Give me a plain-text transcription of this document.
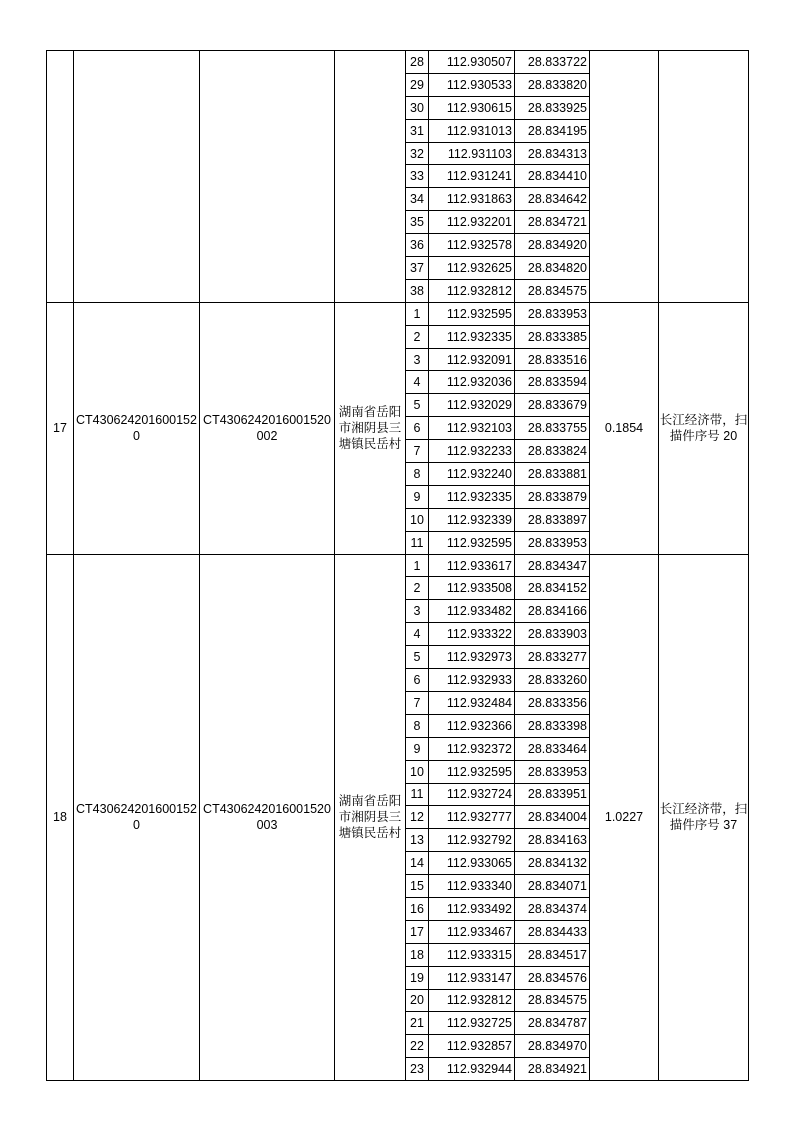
				28	112.930507	28.833722		
				29	112.930533	28.833820		
				30	112.930615	28.833925		
				31	112.931013	28.834195		
				32	112.931103	28.834313		
				33	112.931241	28.834410		
				34	112.931863	28.834642		
				35	112.932201	28.834721		
				36	112.932578	28.834920		
				37	112.932625	28.834820		
				38	112.932812	28.834575		
17	CT4306242016001520	CT4306242016001520002	湖南省岳阳市湘阴县三塘镇民岳村	1	112.932595	28.833953	0.1854	长江经济带，扫描件序号 20
				2	112.932335	28.833385		
				3	112.932091	28.833516		
				4	112.932036	28.833594		
				5	112.932029	28.833679		
				6	112.932103	28.833755		
				7	112.932233	28.833824		
				8	112.932240	28.833881		
				9	112.932335	28.833879		
				10	112.932339	28.833897		
				11	112.932595	28.833953		
18	CT4306242016001520	CT4306242016001520003	湖南省岳阳市湘阴县三塘镇民岳村	1	112.933617	28.834347	1.0227	长江经济带，扫描件序号 37
				2	112.933508	28.834152		
				3	112.933482	28.834166		
				4	112.933322	28.833903		
				5	112.932973	28.833277		
				6	112.932933	28.833260		
				7	112.932484	28.833356		
				8	112.932366	28.833398		
				9	112.932372	28.833464		
				10	112.932595	28.833953		
				11	112.932724	28.833951		
				12	112.932777	28.834004		
				13	112.932792	28.834163		
				14	112.933065	28.834132		
				15	112.933340	28.834071		
				16	112.933492	28.834374		
				17	112.933467	28.834433		
				18	112.933315	28.834517		
				19	112.933147	28.834576		
				20	112.932812	28.834575		
				21	112.932725	28.834787		
				22	112.932857	28.834970		
				23	112.932944	28.834921		
